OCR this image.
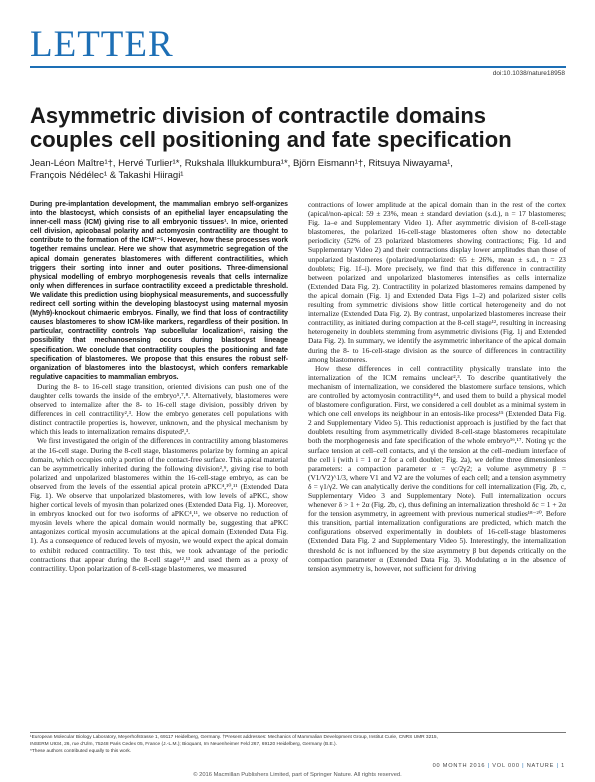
LETTER
doi:10.1038/nature18958
Asymmetric division of contractile domains couples cell positioning and fate specification
Jean-Léon Maître¹†, Hervé Turlier¹*, Rukshala Illukkumbura¹*, Björn Eismann¹†, Ritsuya Niwayama¹,
François Nédélec¹ & Takashi Hiiragi¹

During pre-implantation development, the mammalian embryo self-organizes into the blastocyst, which consists of an epithelial layer encapsulating the inner-cell mass (ICM) giving rise to all embryonic tissues¹. In mice, oriented cell division, apicobasal polarity and actomyosin contractility are thought to contribute to the formation of the ICM²⁻⁵. However, how these processes work together remains unclear. Here we show that asymmetric segregation of the apical domain generates blastomeres with different contractilities, which triggers their sorting into inner and outer positions. Three-dimensional physical modelling of embryo morphogenesis reveals that cells internalize only when differences in surface contractility exceed a predictable threshold. We validate this prediction using biophysical measurements, and successfully redirect cell sorting within the developing blastocyst using maternal myosin (Myh9)-knockout chimaeric embryos. Finally, we find that loss of contractility causes blastomeres to show ICM-like markers, regardless of their position. In particular, contractility controls Yap subcellular localization⁶, raising the possibility that mechanosensing occurs during blastocyst lineage specification. We conclude that contractility couples the positioning and fate specification of blastomeres. We propose that this ensures the robust self-organization of blastomeres into the blastocyst, which confers remarkable regulative capacities to mammalian embryos.

During the 8- to 16-cell stage transition, oriented divisions can push one of the daughter cells towards the inside of the embryo⁵,⁷,⁸. Alternatively, blastomeres were observed to internalize after the 8- to 16-cell stage division, possibly driven by differences in cell contractility²,³. How the embryo generates cell populations with distinct contractile properties is, however, unknown, and the physical mechanism by which this leads to internalization remains disputed²,³.

We first investigated the origin of the differences in contractility among blastomeres at the 16-cell stage. During the 8-cell stage, blastomeres polarize by forming an apical domain, which occupies only a portion of the contact-free surface. This apical material can be asymmetrically inherited during the following division²,⁹, giving rise to both polarized and unpolarized blastomeres within the 16-cell-stage embryo, as can be observed from the levels of the essential apical protein aPKC⁴,¹⁰,¹¹ (Extended Data Fig. 1). We observe that unpolarized blastomeres, with low levels of aPKC, show higher cortical levels of myosin than polarized ones (Extended Data Fig. 1). Moreover, in embryos knocked out for two isoforms of aPKC⁴,¹¹, we observe no reduction of myosin levels where the apical domain would normally be, suggesting that aPKC antagonizes cortical myosin accumulations at the apical domain (Extended Data Fig. 1). As a consequence of reduced levels of myosin, we would expect the apical domain to exhibit reduced contractility. To test this, we took advantage of the periodic contractions that appear during the 8-cell stage¹²,¹³ and used them as a proxy of contractility. Upon polarization of 8-cell-stage blastomeres, we measured

contractions of lower amplitude at the apical domain than in the rest of the cortex (apical/non-apical: 59 ± 23%, mean ± standard deviation (s.d.), n = 17 blastomeres; Fig. 1a–e and Supplementary Video 1). After asymmetric division of 8-cell-stage blastomeres, the polarized 16-cell-stage blastomeres often show no detectable periodicity (52% of 23 polarized blastomeres showing contractions; Fig. 1d and Supplementary Video 2) and their contractions display lower amplitudes than those of unpolarized blastomeres (polarized/unpolarized: 65 ± 26%, mean ± s.d., n = 23 doublets; Fig. 1f–i). More precisely, we find that this difference in contractility between polarized and unpolarized blastomeres intensifies as cells internalize (Extended Data Fig. 2). Contractility in polarized blastomeres remains dampened by the apical domain (Fig. 1j and Extended Data Figs 1–2) and polarized sister cells resulting from symmetric divisions show little cortical heterogeneity and do not internalize (Extended Data Fig. 2). By contrast, unpolarized blastomeres increase their contractility, as initiated during compaction at the 8-cell stage¹², resulting in increasing heterogeneity in doublets stemming from asymmetric divisions (Fig. 1j and Extended Data Fig. 2). In summary, we identify the asymmetric inheritance of the apical domain during the 8- to 16-cell-stage division as the source of differences in contractility among blastomeres.

How these differences in cell contractility physically translate into the internalization of the ICM remains unclear²,³. To describe quantitatively the mechanism of internalization, we considered the blastomere surface tensions, which are controlled by actomyosin contractility¹⁴, and used them to build a physical model of blastomere configuration. First, we considered a cell doublet as a minimal system in which one cell envelops its neighbour in an entosis-like process¹⁵ (Extended Data Fig. 2 and Supplementary Video 5). This reductionist approach is justified by the fact that doublets resulting from asymmetrically divided 8-cell-stage blastomeres recapitulate both the morphogenesis and fate specification of the whole embryo¹⁶,¹⁷. Noting γc the surface tension at cell–cell contacts, and γi the tension at the cell–medium interface of the cell i (with i = 1 or 2 for a cell doublet; Fig. 2a), we define three dimensionless parameters: a compaction parameter α = γc/2γ2; a volume asymmetry β = (V1/V2)^1/3, where V1 and V2 are the volumes of each cell; and a tension asymmetry δ = γ1/γ2. We can analytically derive the conditions for cell internalization (Fig. 2b, c, Supplementary Video 3 and Supplementary Note). Full internalization occurs whenever δ > 1 + 2α (Fig. 2b, c), thus defining an internalization threshold δc = 1 + 2α for the tension asymmetry, in agreement with previous numerical studies¹⁸⁻²⁰. Before this transition, partial internalization configurations are predicted, which match the configurations observed experimentally in doublets of 16-cell-stage blastomeres (Extended Data Fig. 2 and Supplementary Video 5). Interestingly, the internalization threshold δc is not influenced by the size asymmetry β but depends critically on the compaction parameter α (Extended Data Fig. 3). Modulating α in the absence of tension asymmetry is, however, not sufficient for driving

¹European Molecular Biology Laboratory, Meyerhofstrasse 1, 69117 Heidelberg, Germany. †Present addresses: Mechanics of Mammalian Development Group, Institut Curie, CNRS UMR 3215,
INSERM U934, 26, rue d'Ulm, 75248 Paris Cedex 05, France (J.-L.M.); Bioquant, Im Neuenheimer Feld 267, 69120 Heidelberg, Germany (B.E.).
*These authors contributed equally to this work.
00 MONTH 2016 | VOL 000 | NATURE | 1
© 2016 Macmillan Publishers Limited, part of Springer Nature. All rights reserved.
